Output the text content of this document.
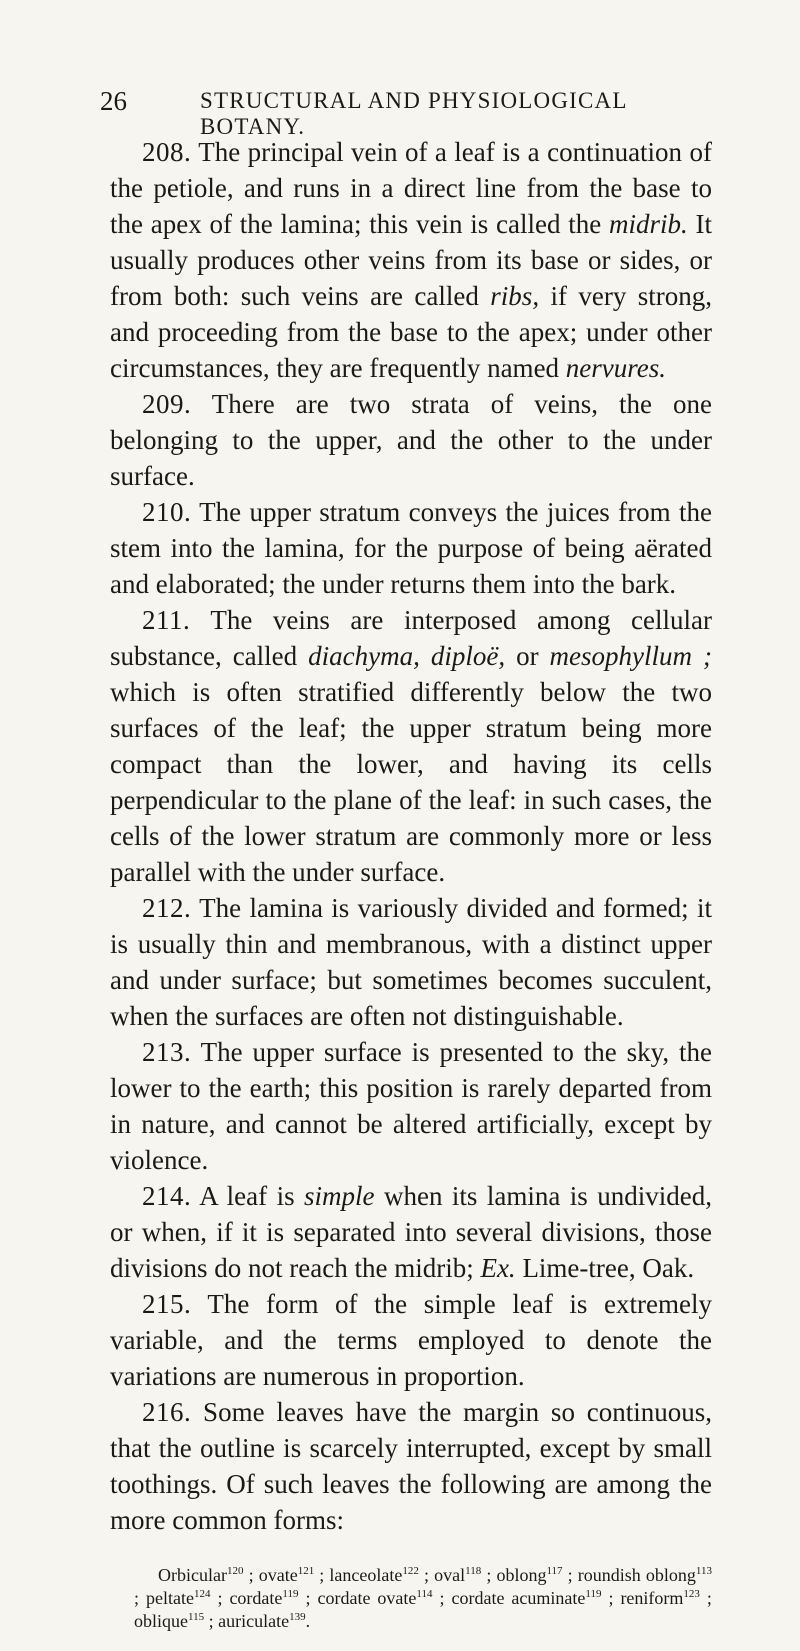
26	STRUCTURAL AND PHYSIOLOGICAL BOTANY.

208. The principal vein of a leaf is a continuation of the petiole, and runs in a direct line from the base to the apex of the lamina; this vein is called the midrib. It usually produces other veins from its base or sides, or from both: such veins are called ribs, if very strong, and proceeding from the base to the apex; under other circumstances, they are frequently named nervures.

209. There are two strata of veins, the one belonging to the upper, and the other to the under surface.

210. The upper stratum conveys the juices from the stem into the lamina, for the purpose of being aërated and elaborated; the under returns them into the bark.

211. The veins are interposed among cellular substance, called diachyma, diploë, or mesophyllum ; which is often stratified differently below the two surfaces of the leaf; the upper stratum being more compact than the lower, and having its cells perpendicular to the plane of the leaf: in such cases, the cells of the lower stratum are commonly more or less parallel with the under surface.

212. The lamina is variously divided and formed; it is usually thin and membranous, with a distinct upper and under surface; but sometimes becomes succulent, when the surfaces are often not distinguishable.

213. The upper surface is presented to the sky, the lower to the earth; this position is rarely departed from in nature, and cannot be altered artificially, except by violence.

214. A leaf is simple when its lamina is undivided, or when, if it is separated into several divisions, those divisions do not reach the midrib; Ex. Lime-tree, Oak.

215. The form of the simple leaf is extremely variable, and the terms employed to denote the variations are numerous in proportion.

216. Some leaves have the margin so continuous, that the outline is scarcely interrupted, except by small toothings. Of such leaves the following are among the more common forms:

Orbicular$^{120}$ ; ovate$^{121}$ ; lanceolate$^{122}$ ; oval$^{118}$ ; oblong$^{117}$ ; roundish oblong$^{113}$ ; peltate$^{124}$ ; cordate$^{119}$ ; cordate ovate$^{114}$ ; cordate acuminate$^{119}$ ; reniform$^{123}$ ; oblique$^{115}$ ; auriculate$^{139}$.
